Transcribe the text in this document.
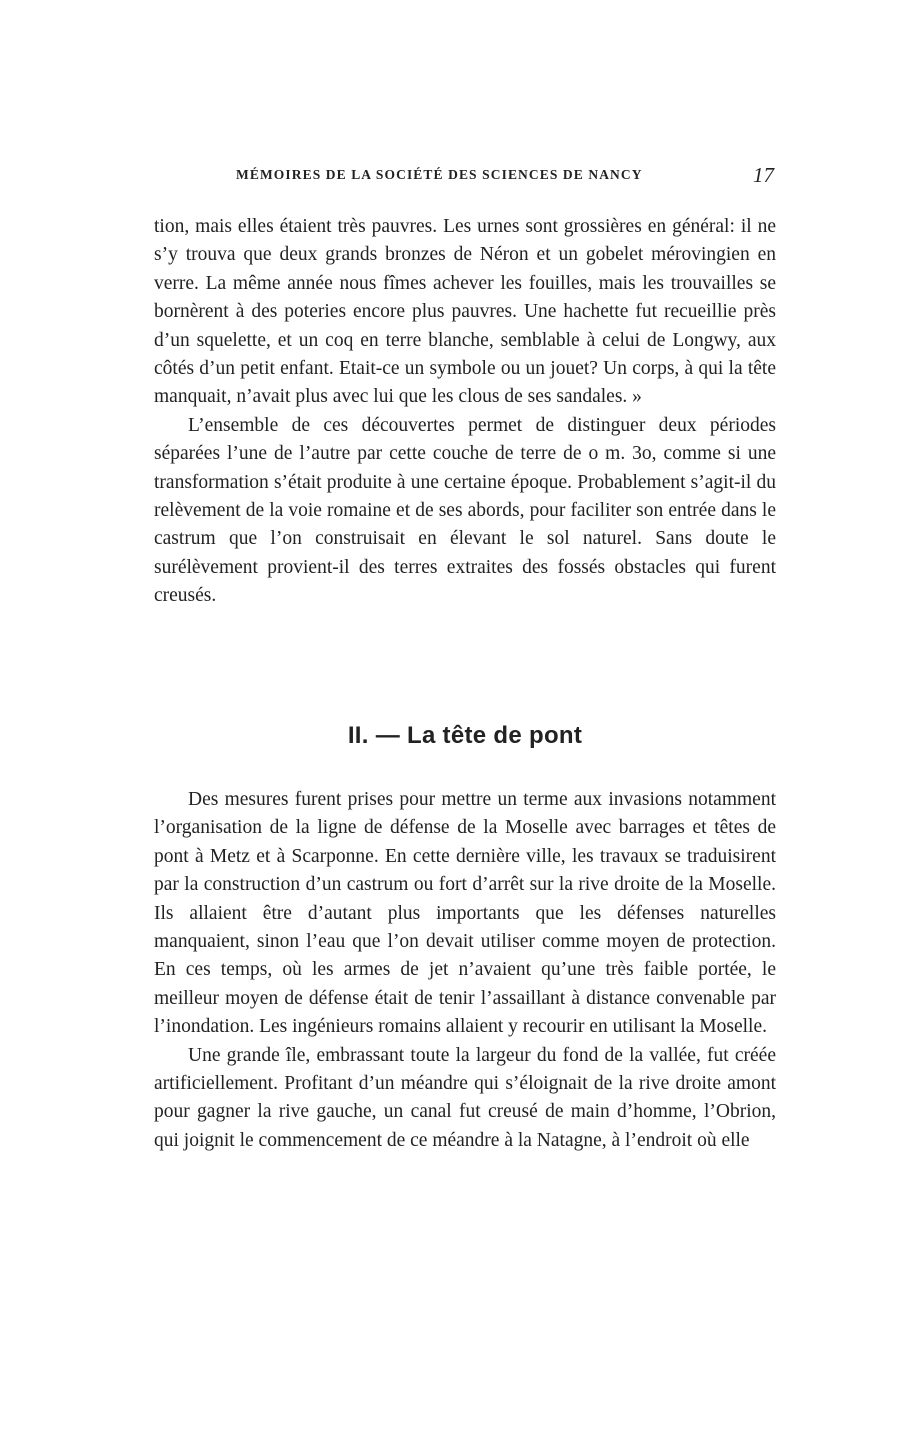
MÉMOIRES DE LA SOCIÉTÉ DES SCIENCES DE NANCY	17

tion, mais elles étaient très pauvres. Les urnes sont grossières en général: il ne s’y trouva que deux grands bronzes de Néron et un gobelet mérovingien en verre. La même année nous fîmes achever les fouilles, mais les trouvailles se bornèrent à des poteries encore plus pauvres. Une hachette fut recueillie près d’un squelette, et un coq en terre blanche, semblable à celui de Longwy, aux côtés d’un petit enfant. Etait-ce un symbole ou un jouet? Un corps, à qui la tête manquait, n’avait plus avec lui que les clous de ses sandales. »

L’ensemble de ces découvertes permet de distinguer deux périodes séparées l’une de l’autre par cette couche de terre de o m. 3o, comme si une transformation s’était produite à une certaine époque. Probablement s’agit-il du relèvement de la voie romaine et de ses abords, pour faciliter son entrée dans le castrum que l’on construisait en élevant le sol naturel. Sans doute le surélèvement provient-il des terres extraites des fossés obstacles qui furent creusés.

II. — La tête de pont

Des mesures furent prises pour mettre un terme aux invasions notamment l’organisation de la ligne de défense de la Moselle avec barrages et têtes de pont à Metz et à Scarponne. En cette dernière ville, les travaux se traduisirent par la construction d’un castrum ou fort d’arrêt sur la rive droite de la Moselle. Ils allaient être d’autant plus importants que les défenses naturelles manquaient, sinon l’eau que l’on devait utiliser comme moyen de protection. En ces temps, où les armes de jet n’avaient qu’une très faible portée, le meilleur moyen de défense était de tenir l’assaillant à distance convenable par l’inondation. Les ingénieurs romains allaient y recourir en utilisant la Moselle.

Une grande île, embrassant toute la largeur du fond de la vallée, fut créée artificiellement. Profitant d’un méandre qui s’éloignait de la rive droite amont pour gagner la rive gauche, un canal fut creusé de main d’homme, l’Obrion, qui joignit le commencement de ce méandre à la Natagne, à l’endroit où elle
